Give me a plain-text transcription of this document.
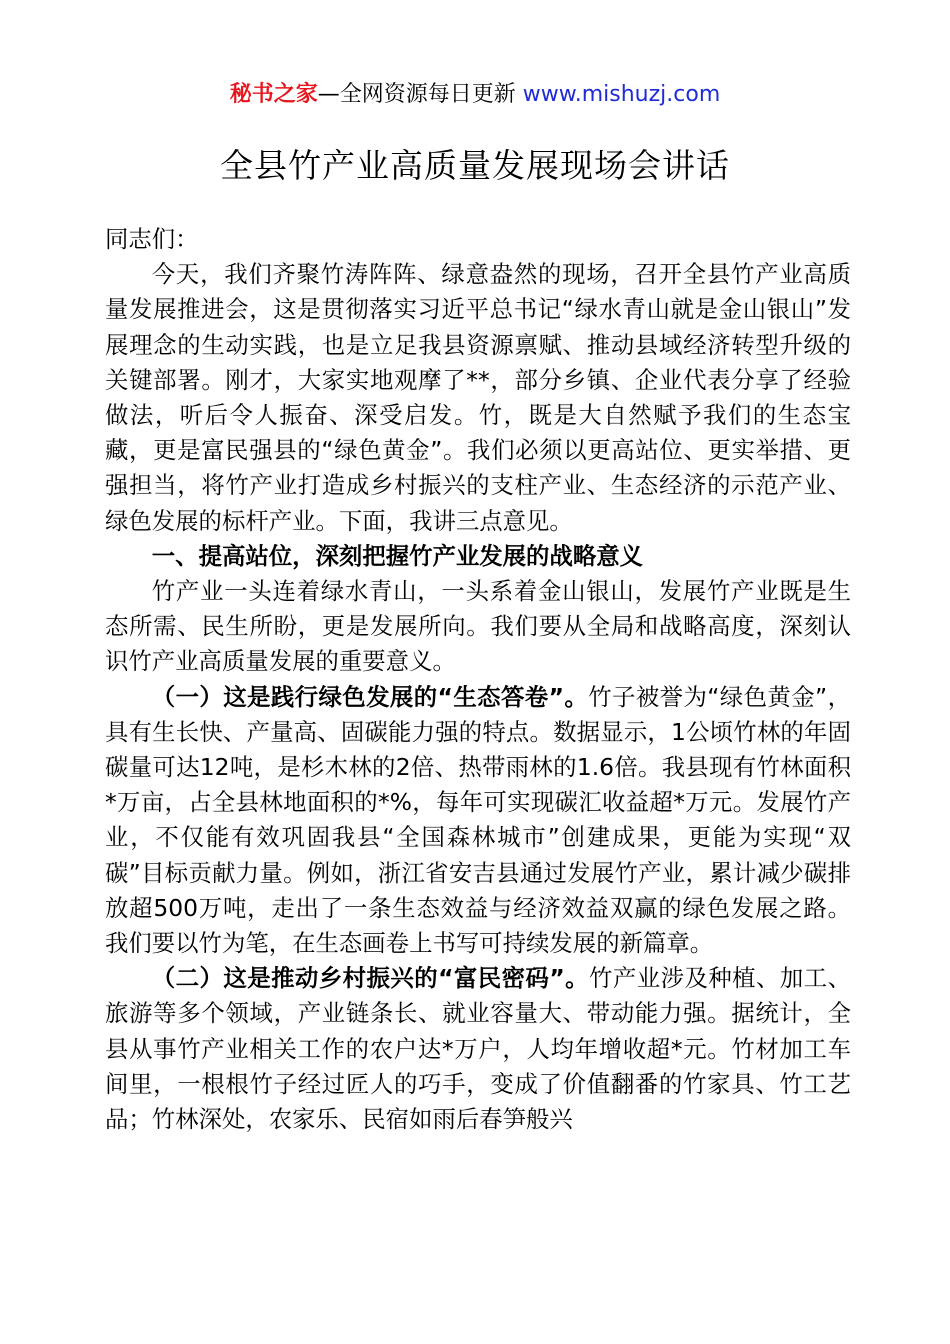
秘书之家—全网资源每日更新 www.mishuzj.com
全县竹产业高质量发展现场会讲话

同志们：

今天，我们齐聚竹涛阵阵、绿意盎然的现场，召开全县竹产业高质量发展推进会，这是贯彻落实习近平总书记“绿水青山就是金山银山”发展理念的生动实践，也是立足我县资源禀赋、推动县域经济转型升级的关键部署。刚才，大家实地观摩了**，部分乡镇、企业代表分享了经验做法，听后令人振奋、深受启发。竹，既是大自然赋予我们的生态宝藏，更是富民强县的“绿色黄金”。我们必须以更高站位、更实举措、更强担当，将竹产业打造成乡村振兴的支柱产业、生态经济的示范产业、绿色发展的标杆产业。下面，我讲三点意见。

一、提高站位，深刻把握竹产业发展的战略意义

竹产业一头连着绿水青山，一头系着金山银山，发展竹产业既是生态所需、民生所盼，更是发展所向。我们要从全局和战略高度，深刻认识竹产业高质量发展的重要意义。

（一）这是践行绿色发展的“生态答卷”。竹子被誉为“绿色黄金”，具有生长快、产量高、固碳能力强的特点。数据显示，1公顷竹林的年固碳量可达12吨，是杉木林的2倍、热带雨林的1.6倍。我县现有竹林面积*万亩，占全县林地面积的*%，每年可实现碳汇收益超*万元。发展竹产业，不仅能有效巩固我县“全国森林城市”创建成果，更能为实现“双碳”目标贡献力量。例如，浙江省安吉县通过发展竹产业，累计减少碳排放超500万吨，走出了一条生态效益与经济效益双赢的绿色发展之路。我们要以竹为笔，在生态画卷上书写可持续发展的新篇章。

（二）这是推动乡村振兴的“富民密码”。竹产业涉及种植、加工、旅游等多个领域，产业链条长、就业容量大、带动能力强。据统计，全县从事竹产业相关工作的农户达*万户，人均年增收超*元。竹材加工车间里，一根根竹子经过匠人的巧手，变成了价值翻番的竹家具、竹工艺品；竹林深处，农家乐、民宿如雨后春笋般兴
